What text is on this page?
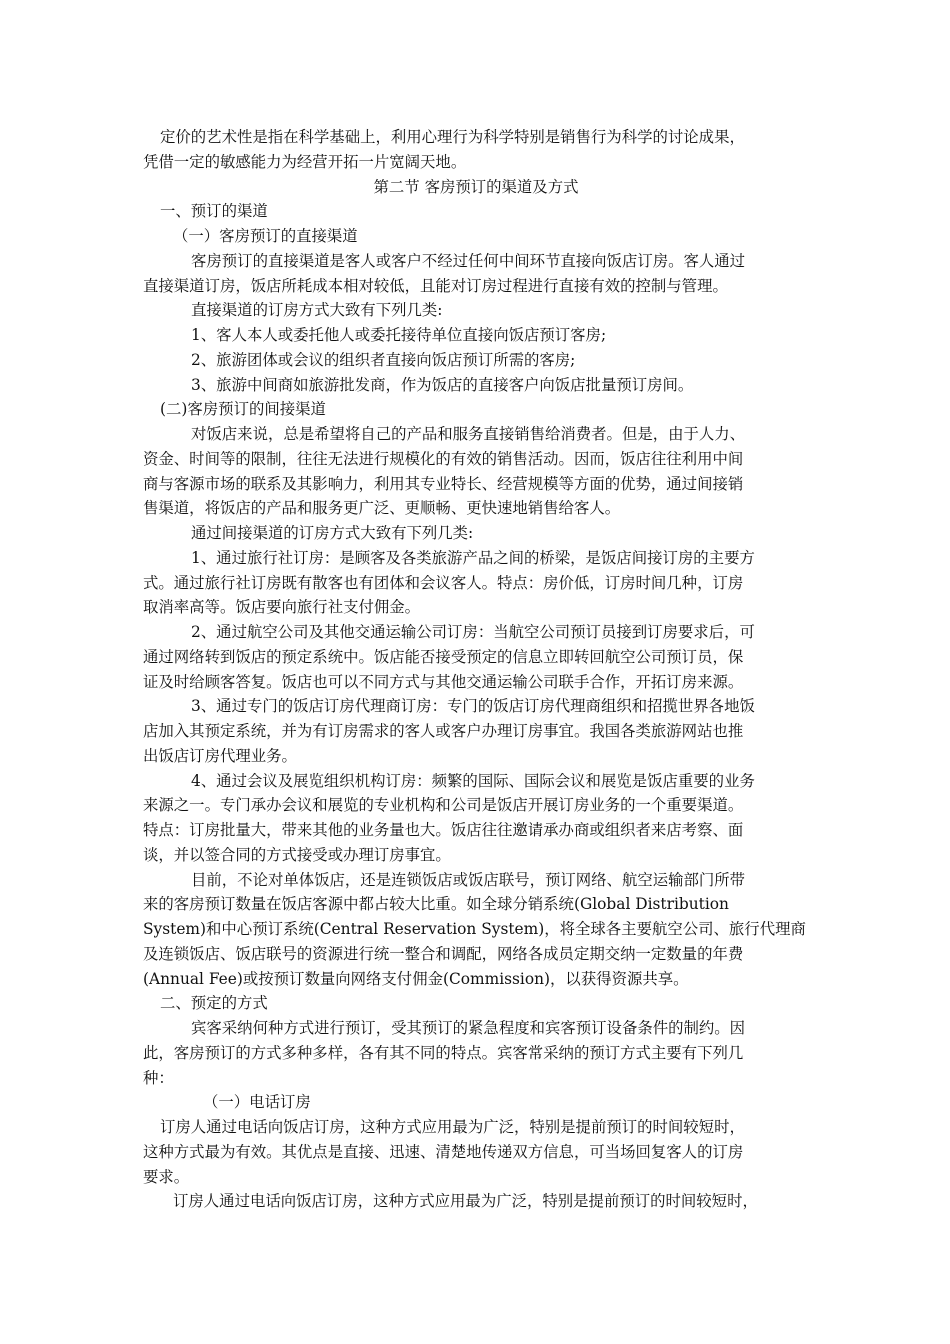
定价的艺术性是指在科学基础上，利用心理行为科学特别是销售行为科学的讨论成果，
凭借一定的敏感能力为经营开拓一片宽阔天地。
第二节 客房预订的渠道及方式
一、预订的渠道
（一）客房预订的直接渠道
客房预订的直接渠道是客人或客户不经过任何中间环节直接向饭店订房。客人通过
直接渠道订房，饭店所耗成本相对较低，且能对订房过程进行直接有效的控制与管理。
直接渠道的订房方式大致有下列几类:
1、客人本人或委托他人或委托接待单位直接向饭店预订客房;
2、旅游团体或会议的组织者直接向饭店预订所需的客房;
3、旅游中间商如旅游批发商，作为饭店的直接客户向饭店批量预订房间。
(二)客房预订的间接渠道
对饭店来说，总是希望将自己的产品和服务直接销售给消费者。但是，由于人力、
资金、时间等的限制，往往无法进行规模化的有效的销售活动。因而，饭店往往利用中间
商与客源市场的联系及其影响力，利用其专业特长、经营规模等方面的优势，通过间接销
售渠道，将饭店的产品和服务更广泛、更顺畅、更快速地销售给客人。
通过间接渠道的订房方式大致有下列几类:
1、通过旅行社订房：是顾客及各类旅游产品之间的桥梁，是饭店间接订房的主要方
式。通过旅行社订房既有散客也有团体和会议客人。特点：房价低，订房时间几种，订房
取消率高等。饭店要向旅行社支付佣金。
2、通过航空公司及其他交通运输公司订房：当航空公司预订员接到订房要求后，可
通过网络转到饭店的预定系统中。饭店能否接受预定的信息立即转回航空公司预订员，保
证及时给顾客答复。饭店也可以不同方式与其他交通运输公司联手合作，开拓订房来源。
3、通过专门的饭店订房代理商订房：专门的饭店订房代理商组织和招揽世界各地饭
店加入其预定系统，并为有订房需求的客人或客户办理订房事宜。我国各类旅游网站也推
出饭店订房代理业务。
4、通过会议及展览组织机构订房：频繁的国际、国际会议和展览是饭店重要的业务
来源之一。专门承办会议和展览的专业机构和公司是饭店开展订房业务的一个重要渠道。
特点：订房批量大，带来其他的业务量也大。饭店往往邀请承办商或组织者来店考察、面
谈，并以签合同的方式接受或办理订房事宜。
目前，不论对单体饭店，还是连锁饭店或饭店联号，预订网络、航空运输部门所带
来的客房预订数量在饭店客源中都占较大比重。如全球分销系统(Global Distribution
System)和中心预订系统(Central Reservation System)，将全球各主要航空公司、旅行代理商
及连锁饭店、饭店联号的资源进行统一整合和调配，网络各成员定期交纳一定数量的年费
(Annual Fee)或按预订数量向网络支付佣金(Commission)，以获得资源共享。
二、预定的方式
宾客采纳何种方式进行预订，受其预订的紧急程度和宾客预订设备条件的制约。因
此，客房预订的方式多种多样，各有其不同的特点。宾客常采纳的预订方式主要有下列几
种：
（一）电话订房
订房人通过电话向饭店订房，这种方式应用最为广泛，特别是提前预订的时间较短时，
这种方式最为有效。其优点是直接、迅速、清楚地传递双方信息，可当场回复客人的订房
要求。
订房人通过电话向饭店订房，这种方式应用最为广泛，特别是提前预订的时间较短时，
